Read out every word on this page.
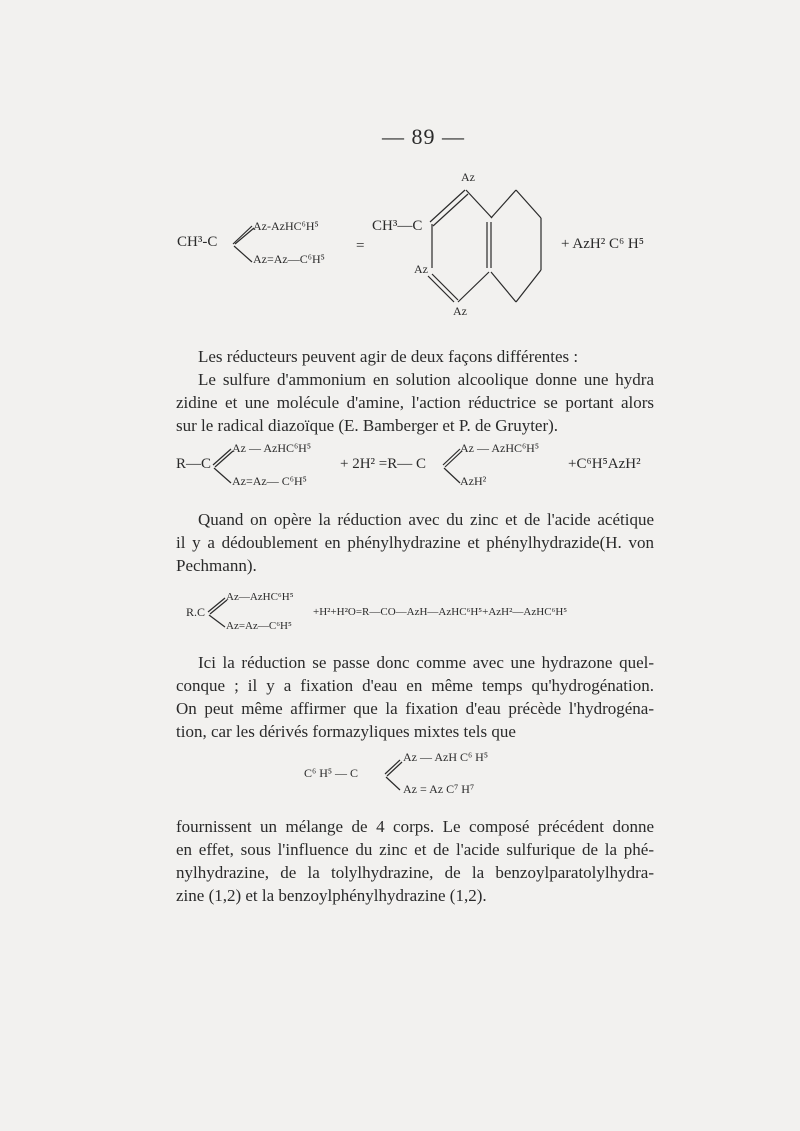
— 89 —
CH³-C
Az-AzHC⁶H⁵
Az=Az—C⁶H⁵
=
CH³—C
Az
Az
Az
+ AzH² C⁶ H⁵
Les réducteurs peuvent agir de deux façons différentes :
Le sulfure d'ammonium en solution alcoolique donne une hydra
zidine et une molécule d'amine, l'action réductrice se portant alors
sur le radical diazoïque (E. Bamberger et P. de Gruyter).
R—C
Az — AzHC⁶H⁵
Az=Az— C⁶H⁵
+ 2H² =R— C
Az — AzHC⁶H⁵
AzH²
+C⁶H⁵AzH²
Quand on opère la réduction avec du zinc et de l'acide acétique
il y a dédoublement en phénylhydrazine et phénylhydrazide(H. von
Pechmann).
R.C
Az—AzHC⁶H⁵
Az=Az—C⁶H⁵
+H²+H²O=R—CO—AzH—AzHC⁶H⁵+AzH²—AzHC⁶H⁵
Ici la réduction se passe donc comme avec une hydrazone quel-
conque ; il y a fixation d'eau en même temps qu'hydrogénation.
On peut même affirmer que la fixation d'eau précède l'hydrogéna-
tion, car les dérivés formazyliques mixtes tels que
C⁶ H⁵ — C
Az — AzH C⁶ H⁵
Az = Az C⁷ H⁷
fournissent un mélange de 4 corps. Le composé précédent donne
en effet, sous l'influence du zinc et de l'acide sulfurique de la phé-
nylhydrazine, de la tolylhydrazine, de la benzoylparatolylhydra-
zine (1,2) et la benzoylphénylhydrazine (1,2).
